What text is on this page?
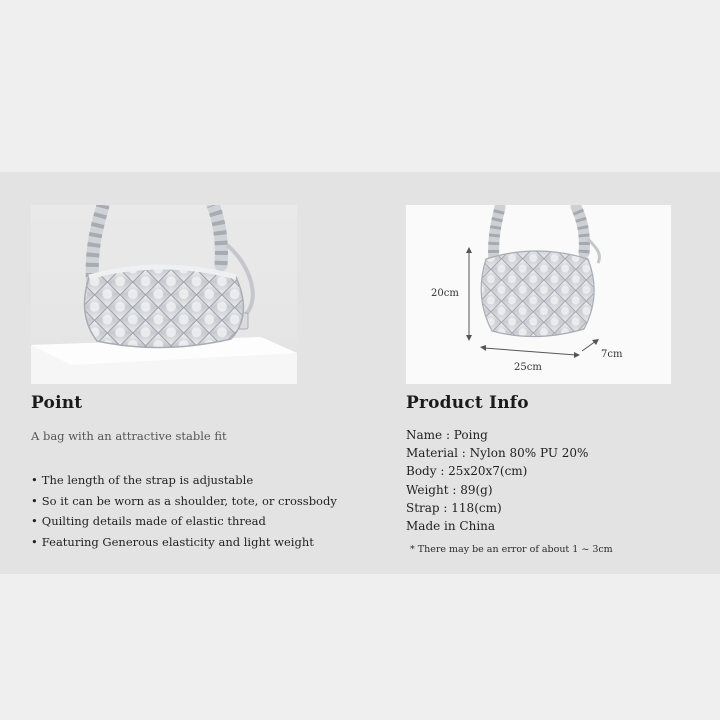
20cm
25cm
7cm
Point
A bag with an attractive stable fit
• The length of the strap is adjustable
• So it can be worn as a shoulder, tote, or crossbody
• Quilting details made of elastic thread
• Featuring Generous elasticity and light weight
Product Info
Name : Poing
Material : Nylon 80% PU 20%
Body : 25x20x7(cm)
Weight : 89(g)
Strap : 118(cm)
Made in China
* There may be an error of about 1 ~ 3cm
